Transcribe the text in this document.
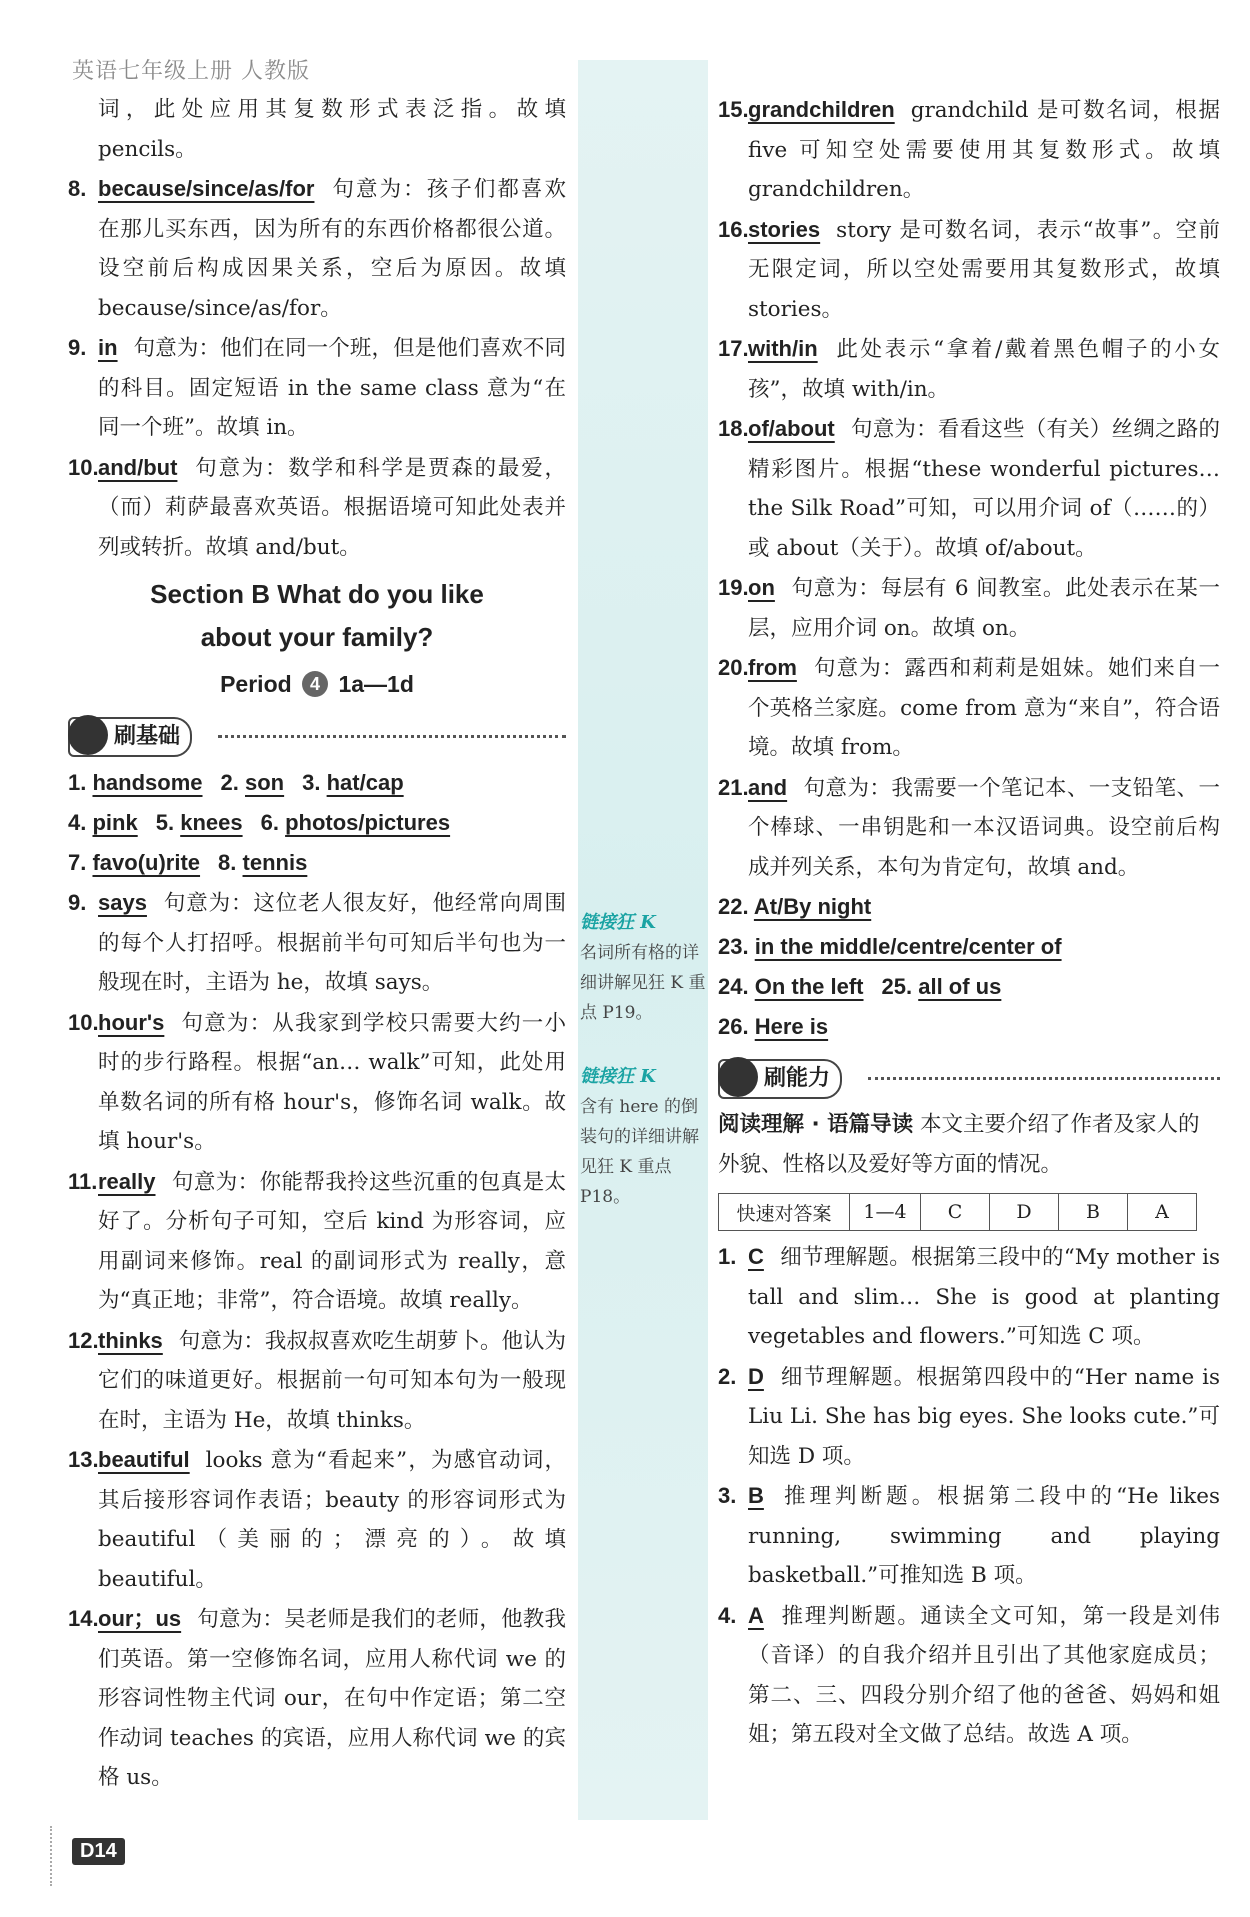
英语七年级上册 人教版
词，此处应用其复数形式表泛指。故填 pencils。
8. because/since/as/for 句意为：孩子们都喜欢在那儿买东西，因为所有的东西价格都很公道。设空前后构成因果关系，空后为原因。故填 because/since/as/for。
9. in 句意为：他们在同一个班，但是他们喜欢不同的科目。固定短语 in the same class 意为“在同一个班”。故填 in。
10. and/but 句意为：数学和科学是贾森的最爱，（而）莉萨最喜欢英语。根据语境可知此处表并列或转折。故填 and/but。
Section B What do you like
about your family?
Period 4 1a—1d
刷基础
1. handsome 2. son 3. hat/cap
4. pink 5. knees 6. photos/pictures
7. favo(u)rite 8. tennis
9. says 句意为：这位老人很友好，他经常向周围的每个人打招呼。根据前半句可知后半句也为一般现在时，主语为 he，故填 says。
10. hour's 句意为：从我家到学校只需要大约一小时的步行路程。根据“an… walk”可知，此处用单数名词的所有格 hour's，修饰名词 walk。故填 hour's。
11. really 句意为：你能帮我拎这些沉重的包真是太好了。分析句子可知，空后 kind 为形容词，应用副词来修饰。real 的副词形式为 really，意为“真正地；非常”，符合语境。故填 really。
12. thinks 句意为：我叔叔喜欢吃生胡萝卜。他认为它们的味道更好。根据前一句可知本句为一般现在时，主语为 He，故填 thinks。
13. beautiful looks 意为“看起来”，为感官动词，其后接形容词作表语；beauty 的形容词形式为 beautiful（美丽的；漂亮的）。故填 beautiful。
14. our；us 句意为：吴老师是我们的老师，他教我们英语。第一空修饰名词，应用人称代词 we 的形容词性物主代词 our，在句中作定语；第二空作动词 teaches 的宾语，应用人称代词 we 的宾格 us。
链接狂 K
名词所有格的详细讲解见狂 K 重点 P19。
链接狂 K
含有 here 的倒装句的详细讲解见狂 K 重点 P18。
15. grandchildren grandchild 是可数名词，根据 five 可知空处需要使用其复数形式。故填 grandchildren。
16. stories story 是可数名词，表示“故事”。空前无限定词，所以空处需要用其复数形式，故填 stories。
17. with/in 此处表示“拿着/戴着黑色帽子的小女孩”，故填 with/in。
18. of/about 句意为：看看这些（有关）丝绸之路的精彩图片。根据“these wonderful pictures… the Silk Road”可知，可以用介词 of（……的）或 about（关于）。故填 of/about。
19. on 句意为：每层有 6 间教室。此处表示在某一层，应用介词 on。故填 on。
20. from 句意为：露西和莉莉是姐妹。她们来自一个英格兰家庭。come from 意为“来自”，符合语境。故填 from。
21. and 句意为：我需要一个笔记本、一支铅笔、一个棒球、一串钥匙和一本汉语词典。设空前后构成并列关系，本句为肯定句，故填 and。
22. At/By night
23. in the middle/centre/center of
24. On the left 25. all of us
26. Here is
刷能力
阅读理解 · 语篇导读 本文主要介绍了作者及家人的外貌、性格以及爱好等方面的情况。
快速对答案	1—4	C	D	B	A
1. C 细节理解题。根据第三段中的“My mother is tall and slim… She is good at planting vegetables and flowers.”可知选 C 项。
2. D 细节理解题。根据第四段中的“Her name is Liu Li. She has big eyes. She looks cute.”可知选 D 项。
3. B 推理判断题。根据第二段中的“He likes running, swimming and playing basketball.”可推知选 B 项。
4. A 推理判断题。通读全文可知，第一段是刘伟（音译）的自我介绍并且引出了其他家庭成员；第二、三、四段分别介绍了他的爸爸、妈妈和姐姐；第五段对全文做了总结。故选 A 项。
D14
